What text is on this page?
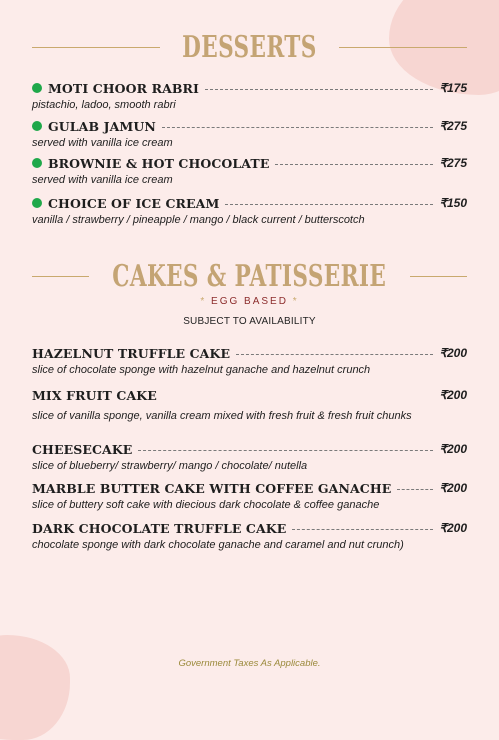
DESSERTS
MOTI CHOOR RABRI	₹175
pistachio, ladoo, smooth rabri
GULAB JAMUN	₹275
served with vanilla ice cream
BROWNIE & HOT CHOCOLATE	₹275
served with vanilla ice cream
CHOICE OF ICE CREAM	₹150
vanilla / strawberry / pineapple / mango / black current / butterscotch
CAKES & PATISSERIE
* EGG BASED *
SUBJECT TO AVAILABILITY
HAZELNUT TRUFFLE CAKE	₹200
slice of chocolate sponge with hazelnut ganache and hazelnut crunch
MIX FRUIT CAKE	₹200
slice of vanilla sponge, vanilla cream mixed with fresh fruit & fresh fruit chunks
CHEESECAKE	₹200
slice of blueberry/ strawberry/ mango / chocolate/ nutella
MARBLE BUTTER CAKE WITH COFFEE GANACHE	₹200
slice of buttery soft cake with diecious dark chocolate & coffee ganache
DARK CHOCOLATE TRUFFLE CAKE	₹200
chocolate sponge with dark chocolate ganache and caramel and nut crunch)
Government Taxes As Applicable.
